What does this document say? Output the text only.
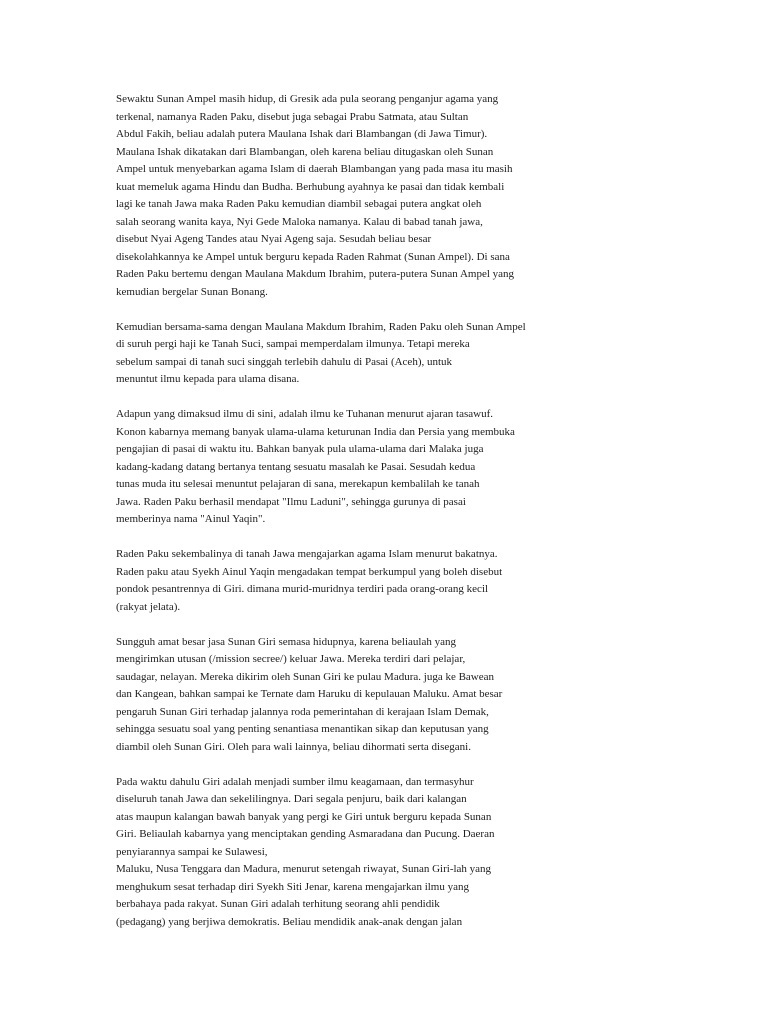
Sewaktu Sunan Ampel masih hidup, di Gresik ada pula seorang penganjur agama yang
terkenal, namanya Raden Paku, disebut juga sebagai Prabu Satmata, atau Sultan
Abdul Fakih, beliau adalah putera Maulana Ishak dari Blambangan (di Jawa Timur).
Maulana Ishak dikatakan dari Blambangan, oleh karena beliau ditugaskan oleh Sunan
Ampel untuk menyebarkan agama Islam di daerah Blambangan yang pada masa itu masih
kuat memeluk agama Hindu dan Budha. Berhubung ayahnya ke pasai dan tidak kembali
lagi ke tanah Jawa maka Raden Paku kemudian diambil sebagai putera angkat oleh
salah seorang wanita kaya, Nyi Gede Maloka namanya. Kalau di babad tanah jawa,
disebut Nyai Ageng Tandes atau Nyai Ageng saja. Sesudah beliau besar
disekolahkannya ke Ampel untuk berguru kepada Raden Rahmat (Sunan Ampel). Di sana
Raden Paku bertemu dengan Maulana Makdum Ibrahim, putera-putera Sunan Ampel yang
kemudian bergelar Sunan Bonang.
Kemudian bersama-sama dengan Maulana Makdum Ibrahim, Raden Paku oleh Sunan Ampel
di suruh pergi haji ke Tanah Suci, sampai memperdalam ilmunya. Tetapi mereka
sebelum sampai di tanah suci singgah terlebih dahulu di Pasai (Aceh), untuk
menuntut ilmu kepada para ulama disana.
Adapun yang dimaksud ilmu di sini, adalah ilmu ke Tuhanan menurut ajaran tasawuf.
Konon kabarnya memang banyak ulama-ulama keturunan India dan Persia yang membuka
pengajian di pasai di waktu itu. Bahkan banyak pula ulama-ulama dari Malaka juga
kadang-kadang datang bertanya tentang sesuatu masalah ke Pasai. Sesudah kedua
tunas muda itu selesai menuntut pelajaran di sana, merekapun kembalilah ke tanah
Jawa. Raden Paku berhasil mendapat "Ilmu Laduni", sehingga gurunya di pasai
memberinya nama "Ainul Yaqin".
Raden Paku sekembalinya di tanah Jawa mengajarkan agama Islam menurut bakatnya.
Raden paku atau Syekh Ainul Yaqin mengadakan tempat berkumpul yang boleh disebut
pondok pesantrennya di Giri. dimana murid-muridnya terdiri pada orang-orang kecil
(rakyat jelata).
Sungguh amat besar jasa Sunan Giri semasa hidupnya, karena beliaulah yang
mengirimkan utusan (/mission secree/) keluar Jawa. Mereka terdiri dari pelajar,
saudagar, nelayan. Mereka dikirim oleh Sunan Giri ke pulau Madura. juga ke Bawean
dan Kangean, bahkan sampai ke Ternate dam Haruku di kepulauan Maluku. Amat besar
pengaruh Sunan Giri terhadap jalannya roda pemerintahan di kerajaan Islam Demak,
sehingga sesuatu soal yang penting senantiasa menantikan sikap dan keputusan yang
diambil oleh Sunan Giri. Oleh para wali lainnya, beliau dihormati serta disegani.
Pada waktu dahulu Giri adalah menjadi sumber ilmu keagamaan, dan termasyhur
diseluruh tanah Jawa dan sekelilingnya. Dari segala penjuru, baik dari kalangan
atas maupun kalangan bawah banyak yang pergi ke Giri untuk berguru kepada Sunan
Giri. Beliaulah kabarnya yang menciptakan gending Asmaradana dan Pucung. Daeran
penyiarannya sampai ke Sulawesi,
Maluku, Nusa Tenggara dan Madura, menurut setengah riwayat, Sunan Giri-lah yang
menghukum sesat terhadap diri Syekh Siti Jenar, karena mengajarkan ilmu yang
berbahaya pada rakyat. Sunan Giri adalah terhitung seorang ahli pendidik
(pedagang) yang berjiwa demokratis. Beliau mendidik anak-anak dengan jalan
